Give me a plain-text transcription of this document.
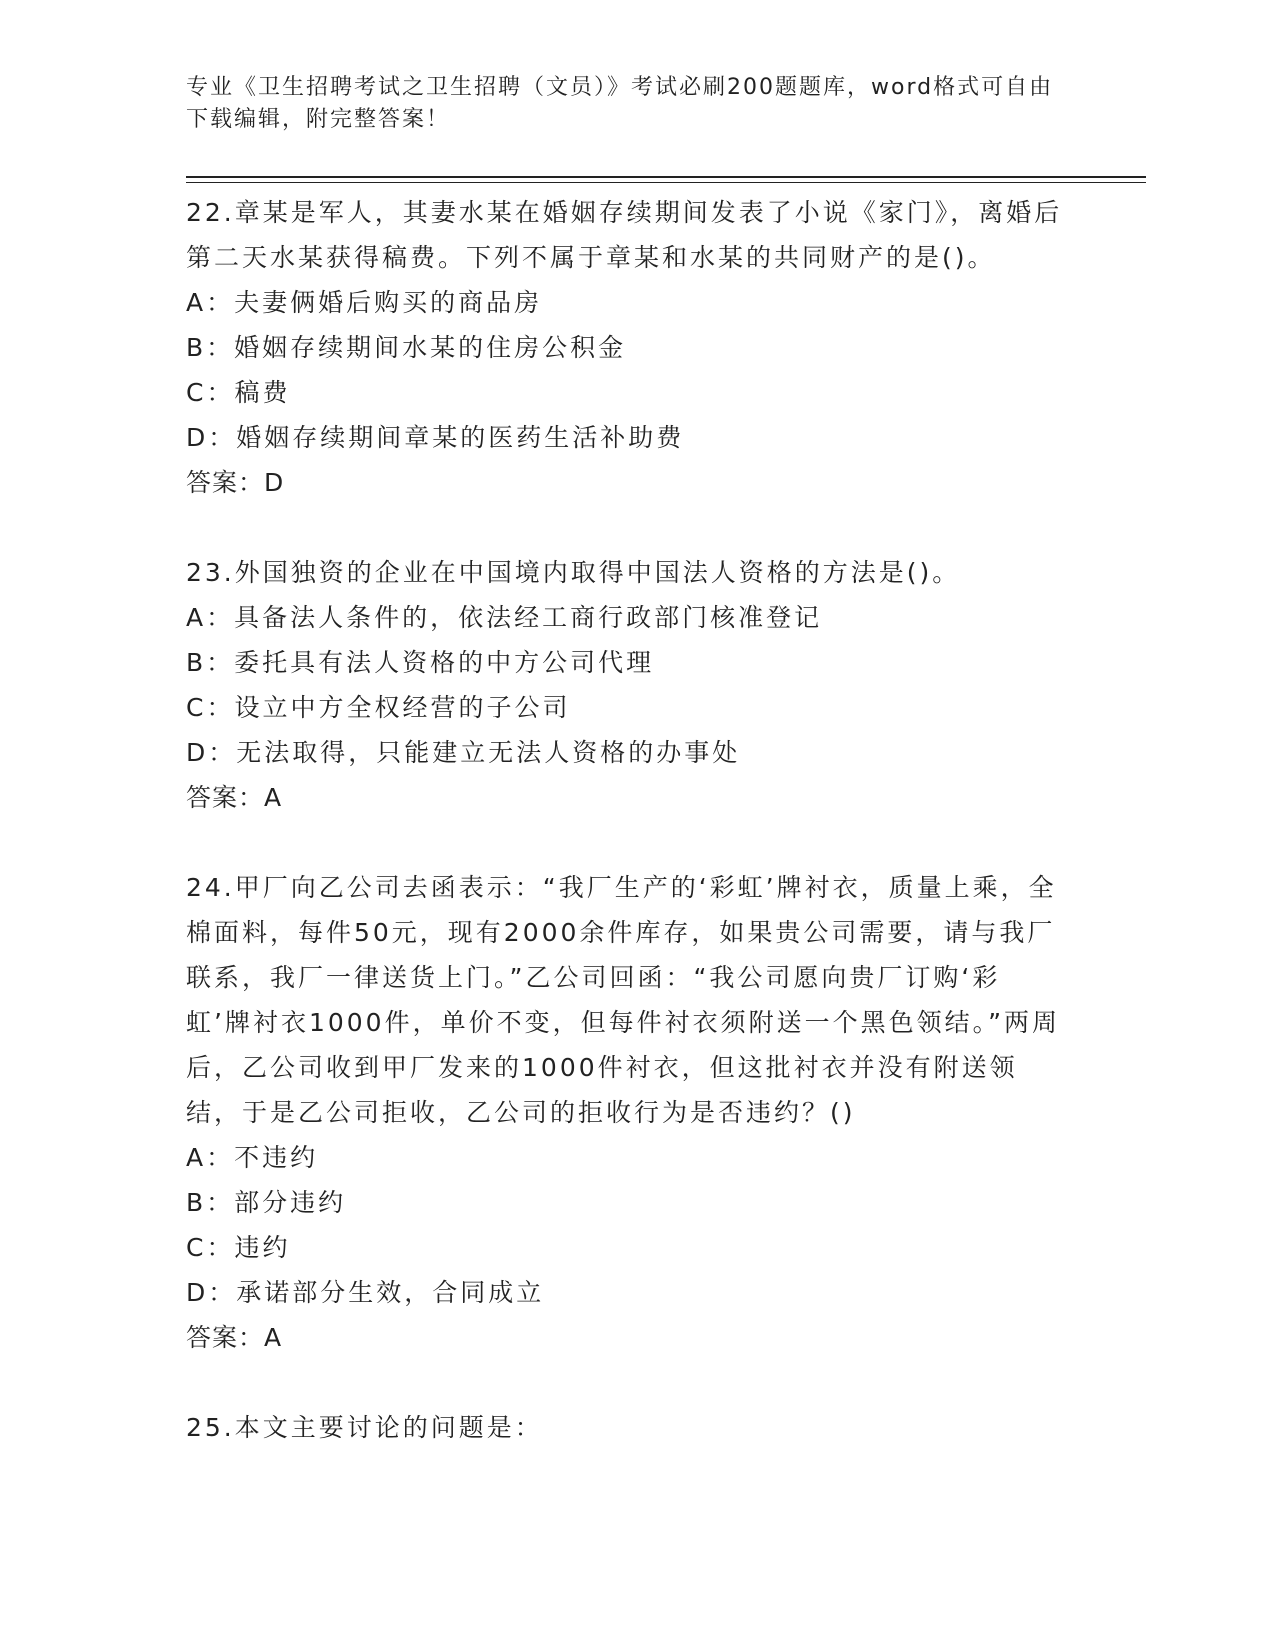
专业《卫生招聘考试之卫生招聘（文员）》考试必刷200题题库，word格式可自由下载编辑，附完整答案！
22.章某是军人，其妻水某在婚姻存续期间发表了小说《家门》，离婚后第二天水某获得稿费。下列不属于章某和水某的共同财产的是()。
A：夫妻俩婚后购买的商品房
B：婚姻存续期间水某的住房公积金
C：稿费
D：婚姻存续期间章某的医药生活补助费
答案：D
23.外国独资的企业在中国境内取得中国法人资格的方法是()。
A：具备法人条件的，依法经工商行政部门核准登记
B：委托具有法人资格的中方公司代理
C：设立中方全权经营的子公司
D：无法取得，只能建立无法人资格的办事处
答案：A
24.甲厂向乙公司去函表示：“我厂生产的‘彩虹’牌衬衣，质量上乘，全棉面料，每件50元，现有2000余件库存，如果贵公司需要，请与我厂联系，我厂一律送货上门。”乙公司回函：“我公司愿向贵厂订购‘彩虹’牌衬衣1000件，单价不变，但每件衬衣须附送一个黑色领结。”两周后，乙公司收到甲厂发来的1000件衬衣，但这批衬衣并没有附送领结，于是乙公司拒收，乙公司的拒收行为是否违约？()
A：不违约
B：部分违约
C：违约
D：承诺部分生效，合同成立
答案：A
25.本文主要讨论的问题是：
